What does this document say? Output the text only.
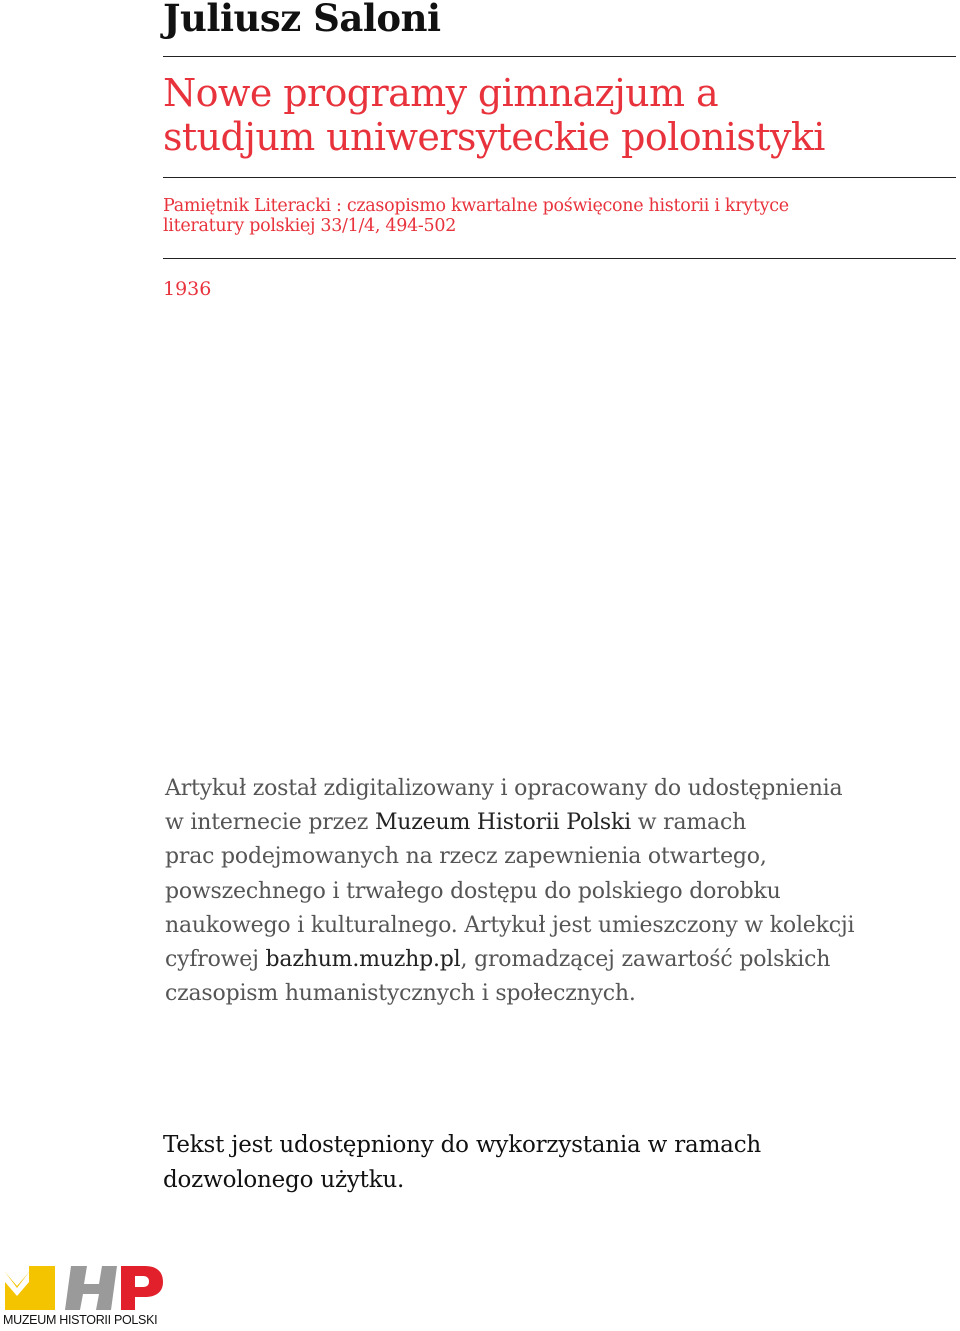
Juliusz Saloni
Nowe programy gimnazjum a
studjum uniwersyteckie polonistyki
Pamiętnik Literacki : czasopismo kwartalne poświęcone historii i krytyce
literatury polskiej 33/1/4, 494-502
1936
Artykuł został zdigitalizowany i opracowany do udostępnienia
w internecie przez Muzeum Historii Polski w ramach
prac podejmowanych na rzecz zapewnienia otwartego,
powszechnego i trwałego dostępu do polskiego dorobku
naukowego i kulturalnego. Artykuł jest umieszczony w kolekcji
cyfrowej bazhum.muzhp.pl, gromadzącej zawartość polskich
czasopism humanistycznych i społecznych.
Tekst jest udostępniony do wykorzystania w ramach
dozwolonego użytku.
MUZEUM HISTORII POLSKI
